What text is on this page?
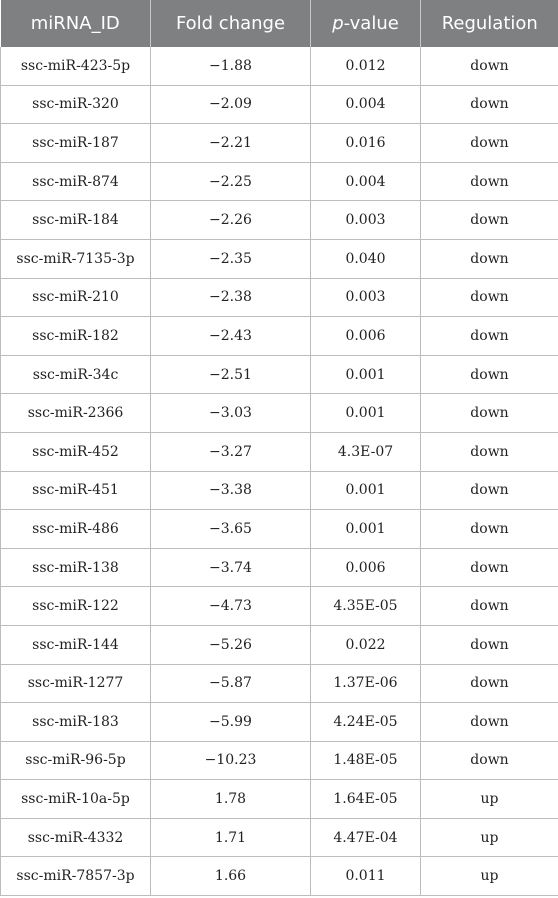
miRNA_ID	Fold change	p-value	Regulation
ssc-miR-423-5p	−1.88	0.012	down
ssc-miR-320	−2.09	0.004	down
ssc-miR-187	−2.21	0.016	down
ssc-miR-874	−2.25	0.004	down
ssc-miR-184	−2.26	0.003	down
ssc-miR-7135-3p	−2.35	0.040	down
ssc-miR-210	−2.38	0.003	down
ssc-miR-182	−2.43	0.006	down
ssc-miR-34c	−2.51	0.001	down
ssc-miR-2366	−3.03	0.001	down
ssc-miR-452	−3.27	4.3E-07	down
ssc-miR-451	−3.38	0.001	down
ssc-miR-486	−3.65	0.001	down
ssc-miR-138	−3.74	0.006	down
ssc-miR-122	−4.73	4.35E-05	down
ssc-miR-144	−5.26	0.022	down
ssc-miR-1277	−5.87	1.37E-06	down
ssc-miR-183	−5.99	4.24E-05	down
ssc-miR-96-5p	−10.23	1.48E-05	down
ssc-miR-10a-5p	1.78	1.64E-05	up
ssc-miR-4332	1.71	4.47E-04	up
ssc-miR-7857-3p	1.66	0.011	up
